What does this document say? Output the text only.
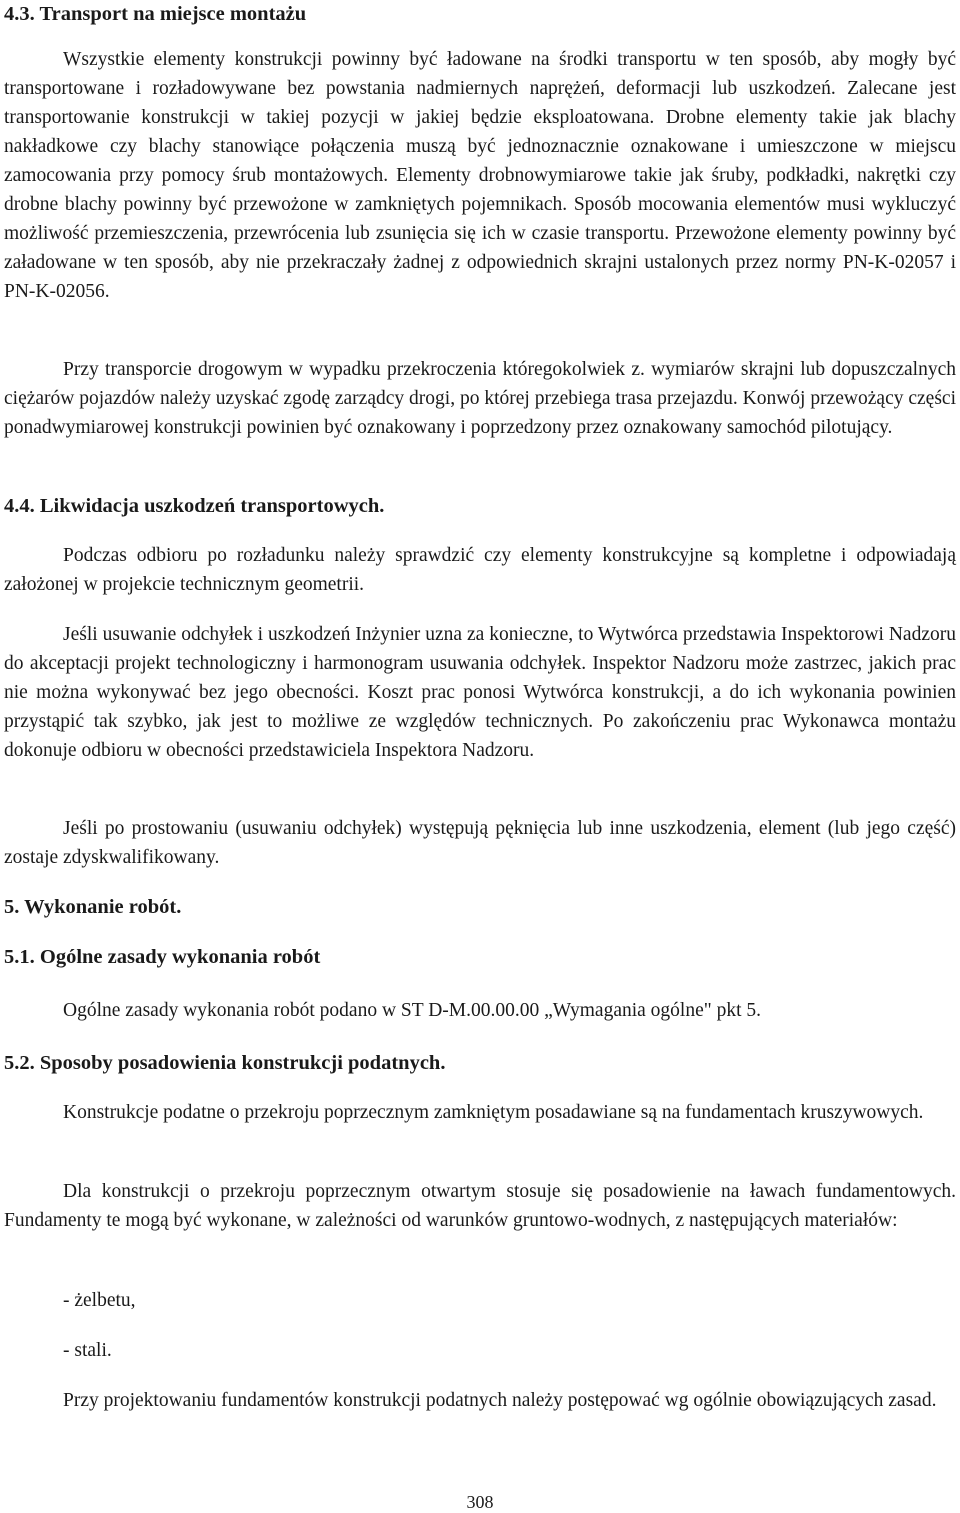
4.3. Transport na miejsce montażu

Wszystkie elementy konstrukcji powinny być ładowane na środki transportu w ten sposób, aby mogły być transportowane i rozładowywane bez powstania nadmiernych naprężeń, deformacji lub uszkodzeń. Zalecane jest transportowanie konstrukcji w takiej pozycji w jakiej będzie eksploatowana. Drobne elementy takie jak blachy nakładkowe czy blachy stanowiące połączenia muszą być jednoznacznie oznakowane i umieszczone w miejscu zamocowania przy pomocy śrub montażowych. Elementy drobnowymiarowe takie jak śruby, podkładki, nakrętki czy drobne blachy powinny być przewożone w zamkniętych pojemnikach. Sposób mocowania elementów musi wykluczyć możliwość przemieszczenia, przewrócenia lub zsunięcia się ich w czasie transportu. Przewożone elementy powinny być załadowane w ten sposób, aby nie przekraczały żadnej z odpowiednich skrajni ustalonych przez normy PN-K-02057 i PN-K-02056.

Przy transporcie drogowym w wypadku przekroczenia któregokolwiek z. wymiarów skrajni lub dopuszczalnych ciężarów pojazdów należy uzyskać zgodę zarządcy drogi, po której przebiega trasa przejazdu. Konwój przewożący części ponadwymiarowej konstrukcji powinien być oznakowany i poprzedzony przez oznakowany samochód pilotujący.

4.4. Likwidacja uszkodzeń transportowych.

Podczas odbioru po rozładunku należy sprawdzić czy elementy konstrukcyjne są kompletne i odpowiadają założonej w projekcie technicznym geometrii.

Jeśli usuwanie odchyłek i uszkodzeń Inżynier uzna za konieczne, to Wytwórca przedstawia Inspektorowi Nadzoru do akceptacji projekt technologiczny i harmonogram usuwania odchyłek. Inspektor Nadzoru może zastrzec, jakich prac nie można wykonywać bez jego obecności. Koszt prac ponosi Wytwórca konstrukcji, a do ich wykonania powinien przystąpić tak szybko, jak jest to możliwe ze względów technicznych. Po zakończeniu prac Wykonawca montażu dokonuje odbioru w obecności przedstawiciela Inspektora Nadzoru.

Jeśli po prostowaniu (usuwaniu odchyłek) występują pęknięcia lub inne uszkodzenia, element (lub jego część) zostaje zdyskwalifikowany.

5. Wykonanie robót.
5.1. Ogólne zasady wykonania robót

Ogólne zasady wykonania robót podano w ST D-M.00.00.00 „Wymagania ogólne" pkt 5.

5.2. Sposoby posadowienia konstrukcji podatnych.

Konstrukcje podatne o przekroju poprzecznym zamkniętym posadawiane są na fundamentach kruszywowych.

Dla konstrukcji o przekroju poprzecznym otwartym stosuje się posadowienie na ławach fundamentowych. Fundamenty te mogą być wykonane, w zależności od warunków gruntowo-wodnych, z następujących materiałów:

- żelbetu,
- stali.

Przy projektowaniu fundamentów konstrukcji podatnych należy postępować wg ogólnie obowiązujących zasad.

308
